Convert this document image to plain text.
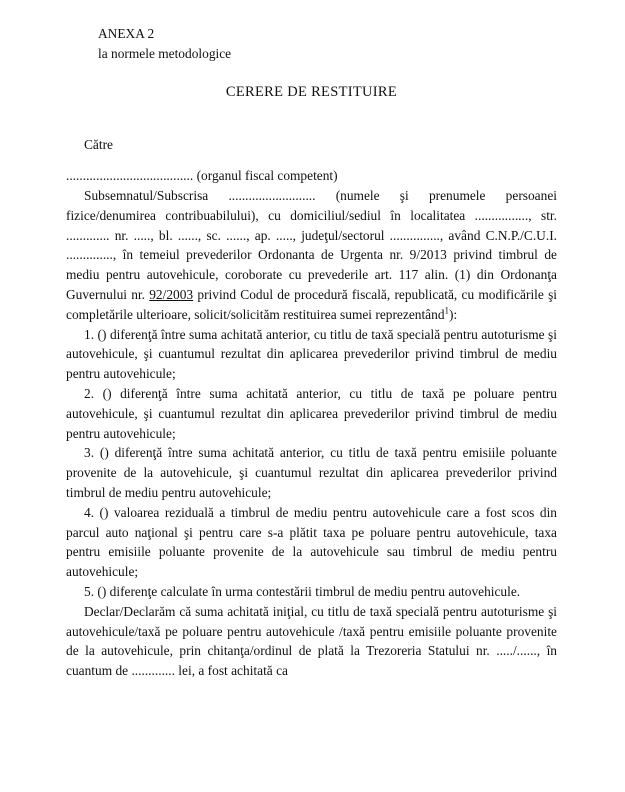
ANEXA 2

la normele metodologice

CERERE DE RESTITUIRE

Către

...................................... (organul fiscal competent)

Subsemnatul/Subscrisa .......................... (numele şi prenumele persoanei fizice/denumirea contribuabilului), cu domiciliul/sediul în localitatea ................, str. ............. nr. ....., bl. ......, sc. ......, ap. ....., judeţul/sectorul ..............., având C.N.P./C.U.I. .............., în temeiul prevederilor Ordonanta de Urgenta nr. 9/2013 privind timbrul de mediu pentru autovehicule, coroborate cu prevederile art. 117 alin. (1) din Ordonanţa Guvernului nr. 92/2003 privind Codul de procedură fiscală, republicată, cu modificările şi completările ulterioare, solicit/solicităm restituirea sumei reprezentând$^1$):

1. () diferenţă între suma achitată anterior, cu titlu de taxă specială pentru autoturisme şi autovehicule, şi cuantumul rezultat din aplicarea prevederilor privind timbrul de mediu pentru autovehicule;

2. () diferenţă între suma achitată anterior, cu titlu de taxă pe poluare pentru autovehicule, şi cuantumul rezultat din aplicarea prevederilor privind timbrul de mediu pentru autovehicule;

3. () diferenţă între suma achitată anterior, cu titlu de taxă pentru emisiile poluante provenite de la autovehicule, şi cuantumul rezultat din aplicarea prevederilor privind timbrul de mediu pentru autovehicule;

4. () valoarea reziduală a timbrul de mediu pentru autovehicule care a fost scos din parcul auto naţional şi pentru care s-a plătit taxa pe poluare pentru autovehicule, taxa pentru emisiile poluante provenite de la autovehicule sau timbrul de mediu pentru autovehicule;

5. () diferenţe calculate în urma contestării timbrul de mediu pentru autovehicule.

Declar/Declarăm că suma achitată iniţial, cu titlu de taxă specială pentru autoturisme şi autovehicule/taxă pe poluare pentru autovehicule /taxă pentru emisiile poluante provenite de la autovehicule, prin chitanţa/ordinul de plată la Trezoreria Statului nr. ...../......, în cuantum de ............. lei, a fost achitată ca
